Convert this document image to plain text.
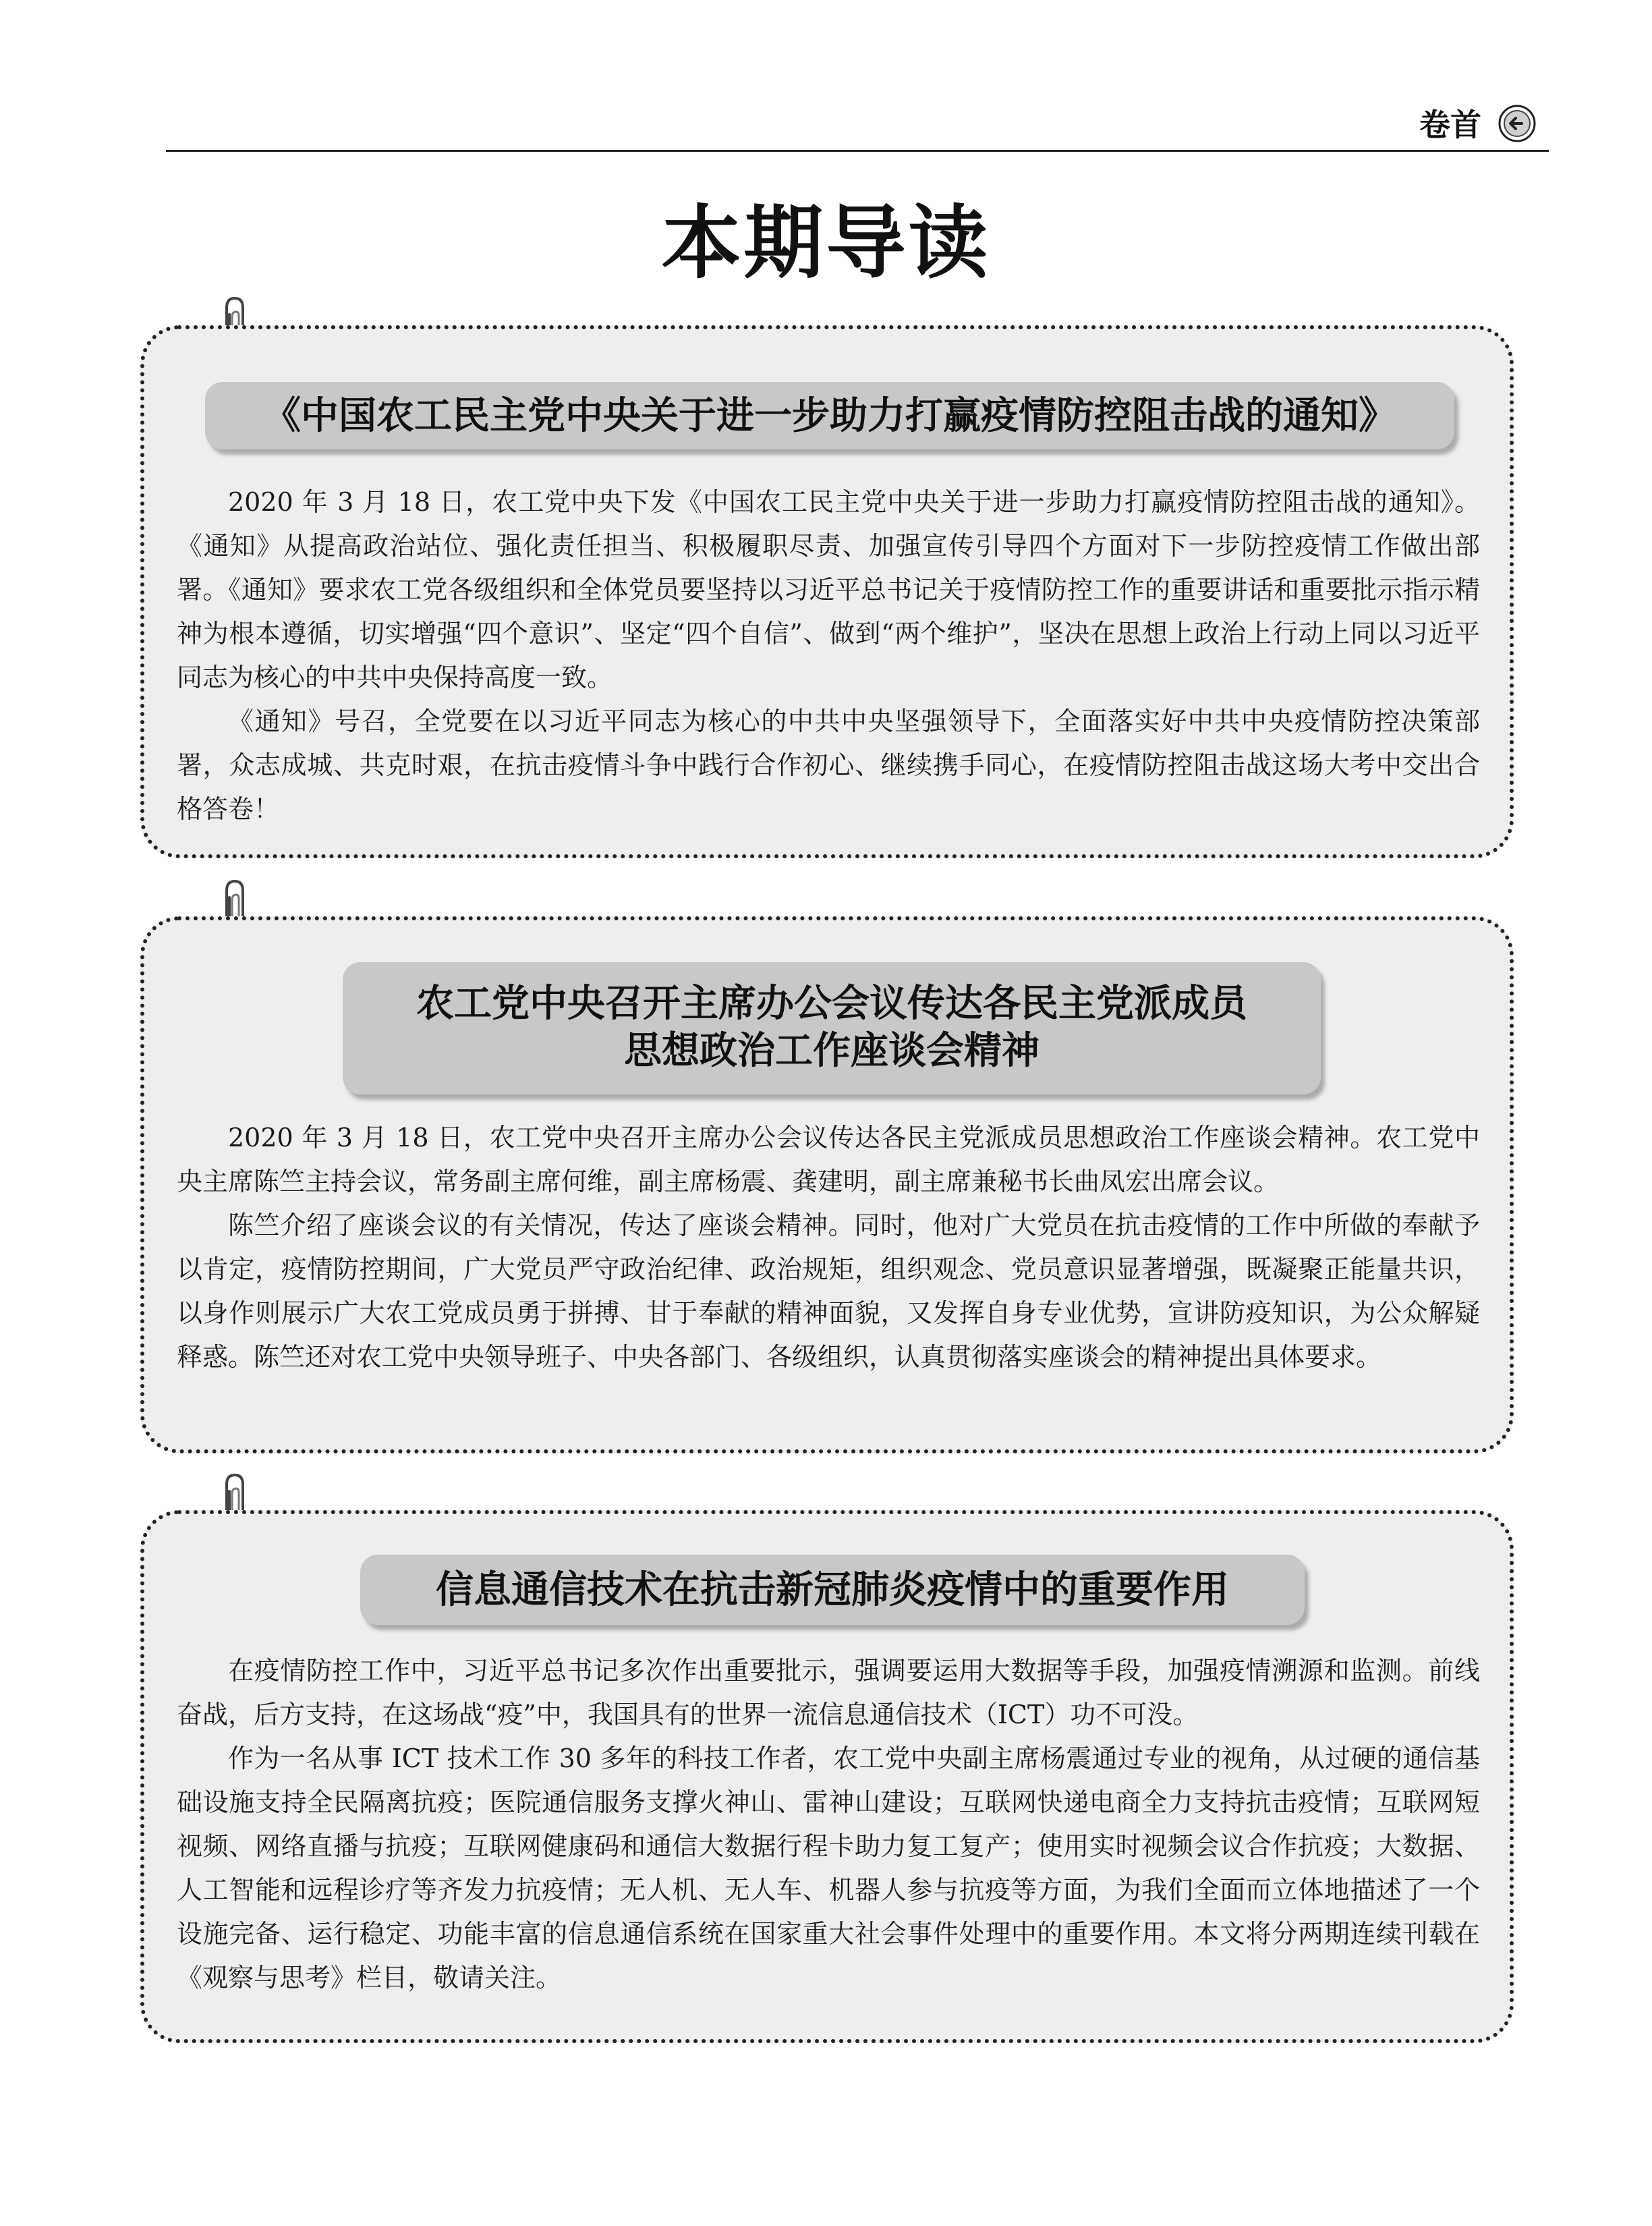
卷首
本期导读
《中国农工民主党中央关于进一步助力打赢疫情防控阻击战的通知》

2020 年 3 月 18 日，农工党中央下发《中国农工民主党中央关于进一步助力打赢疫情防控阻击战的通知》。《通知》从提高政治站位、强化责任担当、积极履职尽责、加强宣传引导四个方面对下一步防控疫情工作做出部署。《通知》要求农工党各级组织和全体党员要坚持以习近平总书记关于疫情防控工作的重要讲话和重要批示指示精神为根本遵循，切实增强“四个意识”、坚定“四个自信”、做到“两个维护”，坚决在思想上政治上行动上同以习近平同志为核心的中共中央保持高度一致。

《通知》号召，全党要在以习近平同志为核心的中共中央坚强领导下，全面落实好中共中央疫情防控决策部署，众志成城、共克时艰，在抗击疫情斗争中践行合作初心、继续携手同心，在疫情防控阻击战这场大考中交出合格答卷！

农工党中央召开主席办公会议传达各民主党派成员
思想政治工作座谈会精神

2020 年 3 月 18 日，农工党中央召开主席办公会议传达各民主党派成员思想政治工作座谈会精神。农工党中央主席陈竺主持会议，常务副主席何维，副主席杨震、龚建明，副主席兼秘书长曲凤宏出席会议。

陈竺介绍了座谈会议的有关情况，传达了座谈会精神。同时，他对广大党员在抗击疫情的工作中所做的奉献予以肯定，疫情防控期间，广大党员严守政治纪律、政治规矩，组织观念、党员意识显著增强，既凝聚正能量共识，以身作则展示广大农工党成员勇于拼搏、甘于奉献的精神面貌，又发挥自身专业优势，宣讲防疫知识，为公众解疑释惑。陈竺还对农工党中央领导班子、中央各部门、各级组织，认真贯彻落实座谈会的精神提出具体要求。

信息通信技术在抗击新冠肺炎疫情中的重要作用

在疫情防控工作中，习近平总书记多次作出重要批示，强调要运用大数据等手段，加强疫情溯源和监测。前线奋战，后方支持，在这场战“疫”中，我国具有的世界一流信息通信技术（ICT）功不可没。

作为一名从事 ICT 技术工作 30 多年的科技工作者，农工党中央副主席杨震通过专业的视角，从过硬的通信基础设施支持全民隔离抗疫；医院通信服务支撑火神山、雷神山建设；互联网快递电商全力支持抗击疫情；互联网短视频、网络直播与抗疫；互联网健康码和通信大数据行程卡助力复工复产；使用实时视频会议合作抗疫；大数据、人工智能和远程诊疗等齐发力抗疫情；无人机、无人车、机器人参与抗疫等方面，为我们全面而立体地描述了一个设施完备、运行稳定、功能丰富的信息通信系统在国家重大社会事件处理中的重要作用。本文将分两期连续刊载在《观察与思考》栏目，敬请关注。
